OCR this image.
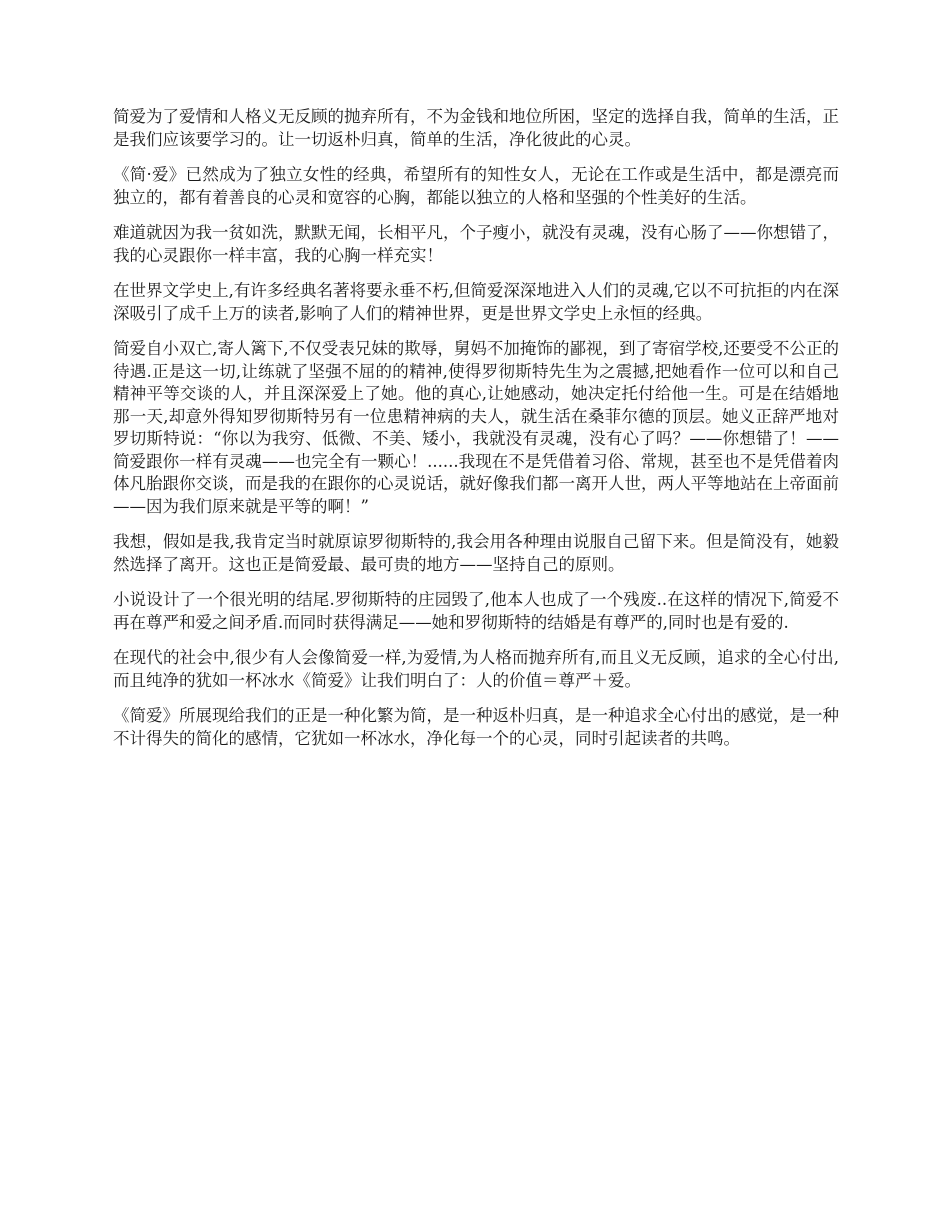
简爱为了爱情和人格义无反顾的抛弃所有，不为金钱和地位所困，坚定的选择自我，简单的生活，正是我们应该要学习的。让一切返朴归真，简单的生活，净化彼此的心灵。

《简·爱》已然成为了独立女性的经典，希望所有的知性女人，无论在工作或是生活中，都是漂亮而独立的，都有着善良的心灵和宽容的心胸，都能以独立的人格和坚强的个性美好的生活。

难道就因为我一贫如洗，默默无闻，长相平凡，个子瘦小，就没有灵魂，没有心肠了——你想错了，我的心灵跟你一样丰富，我的心胸一样充实！

在世界文学史上,有许多经典名著将要永垂不朽,但简爱深深地进入人们的灵魂,它以不可抗拒的内在深深吸引了成千上万的读者,影响了人们的精神世界，更是世界文学史上永恒的经典。

简爱自小双亡,寄人篱下,不仅受表兄妹的欺辱，舅妈不加掩饰的鄙视，到了寄宿学校,还要受不公正的待遇.正是这一切,让练就了坚强不屈的的精神,使得罗彻斯特先生为之震撼,把她看作一位可以和自己精神平等交谈的人，并且深深爱上了她。他的真心,让她感动，她决定托付给他一生。可是在结婚地那一天,却意外得知罗彻斯特另有一位患精神病的夫人，就生活在桑菲尔德的顶层。她义正辞严地对罗切斯特说：“你以为我穷、低微、不美、矮小，我就没有灵魂，没有心了吗？——你想错了！——简爱跟你一样有灵魂——也完全有一颗心！......我现在不是凭借着习俗、常规，甚至也不是凭借着肉体凡胎跟你交谈，而是我的在跟你的心灵说话，就好像我们都一离开人世，两人平等地站在上帝面前——因为我们原来就是平等的啊！”

我想，假如是我,我肯定当时就原谅罗彻斯特的,我会用各种理由说服自己留下来。但是简没有，她毅然选择了离开。这也正是简爱最、最可贵的地方——坚持自己的原则。

小说设计了一个很光明的结尾.罗彻斯特的庄园毁了,他本人也成了一个残废..在这样的情况下,简爱不再在尊严和爱之间矛盾.而同时获得满足——她和罗彻斯特的结婚是有尊严的,同时也是有爱的.

在现代的社会中,很少有人会像简爱一样,为爱情,为人格而抛弃所有,而且义无反顾，追求的全心付出,而且纯净的犹如一杯冰水《简爱》让我们明白了：人的价值＝尊严＋爱。

《简爱》所展现给我们的正是一种化繁为简，是一种返朴归真，是一种追求全心付出的感觉，是一种不计得失的简化的感情，它犹如一杯冰水，净化每一个的心灵，同时引起读者的共鸣。
